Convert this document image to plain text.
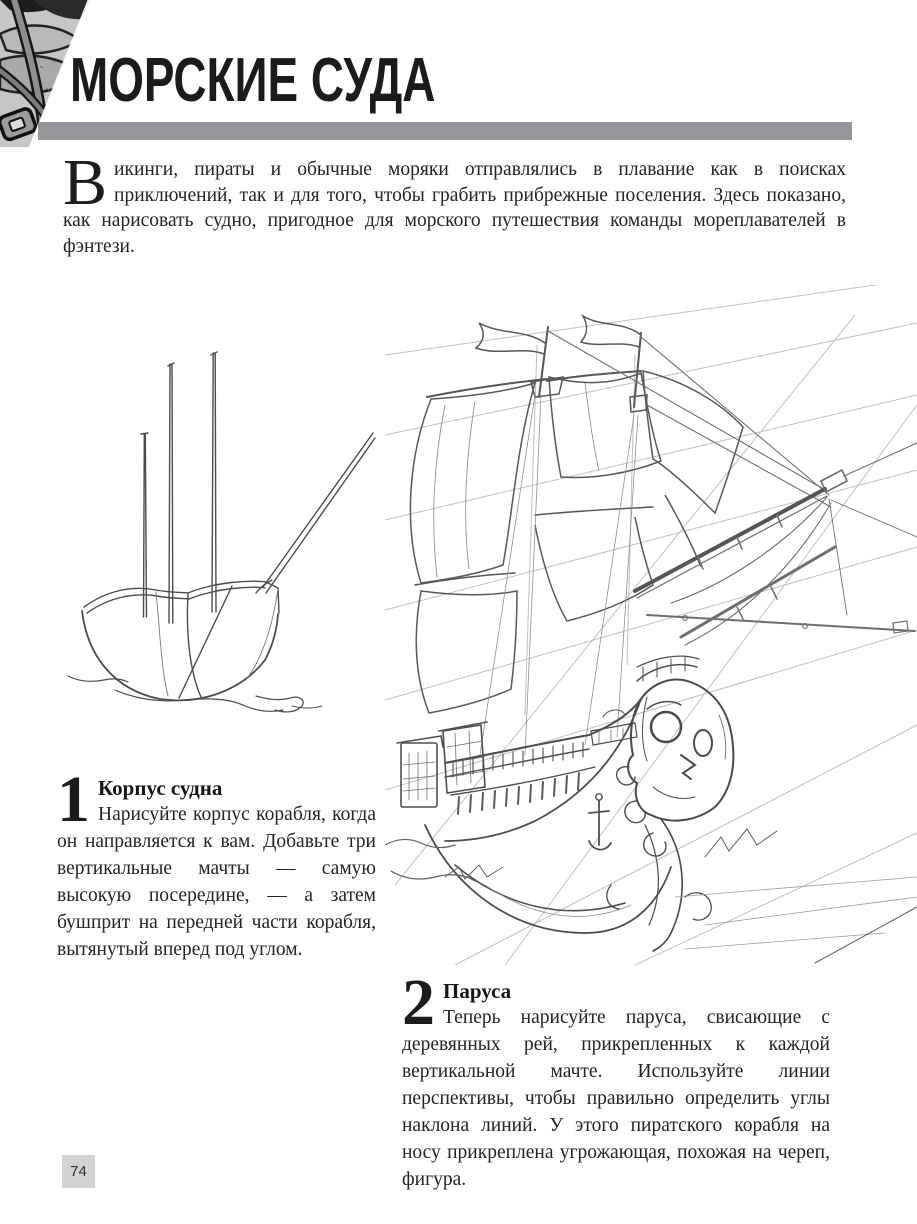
МОРСКИЕ СУДА

Викинги, пираты и обычные моряки отправлялись в плавание как в поисках приключений, так и для того, чтобы грабить прибрежные поселения. Здесь показано, как нарисовать судно, пригодное для морского путешествия команды мореплавателей в фэнтези.

1 Корпус судна

Нарисуйте корпус корабля, когда он направляется к вам. Добавьте три вертикальные мачты — самую высокую посередине, — а затем бушприт на передней части корабля, вытянутый вперед под углом.

2 Паруса

Теперь нарисуйте паруса, свисающие с деревянных рей, прикрепленных к каждой вертикальной мачте. Используйте линии перспективы, чтобы правильно определить углы наклона линий. У этого пиратского корабля на носу прикреплена угрожающая, похожая на череп, фигура.

74
